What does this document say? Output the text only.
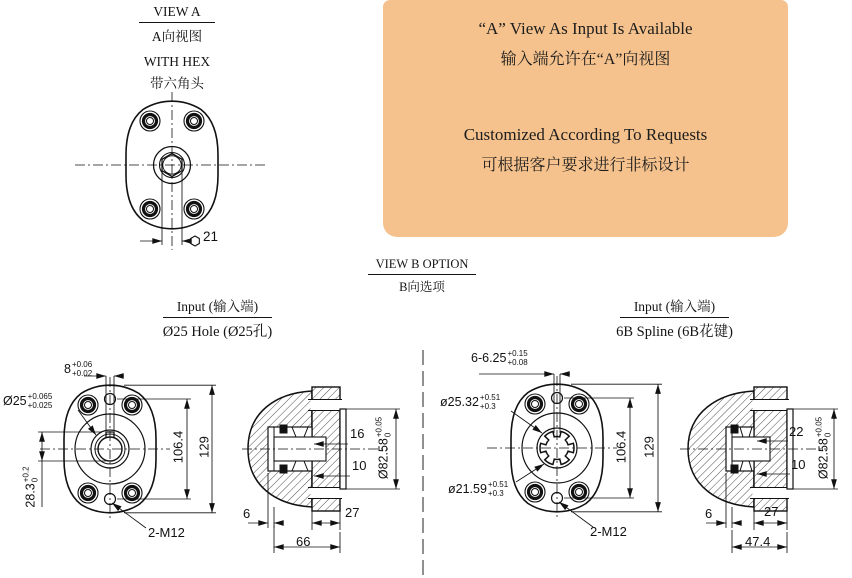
“A” View As Input Is Available
输入端允许在“A”向视图
Customized According To Requests
可根据客户要求进行非标设计
VIEW A
A向视图
WITH HEX
带六角头
VIEW B OPTION
B向选项
Input (输入端)
Ø25 Hole (Ø25孔)
Input (输入端)
6B Spline (6B花键)
21
8 +0.06
+0.02
Ø25 +0.065
+0.025
28.3
+0.2 0
106.4 129
2-M12
16
10 Ø82.58
+0.05 0
6	27
66
6-6.25 +0.15
+0.08
ø25.32 +0.51
+0.3
ø21.59 +0.51
+0.3
106.4 129
2-M12
22
10 Ø82.58
+0.05 0
6	27
47.4
